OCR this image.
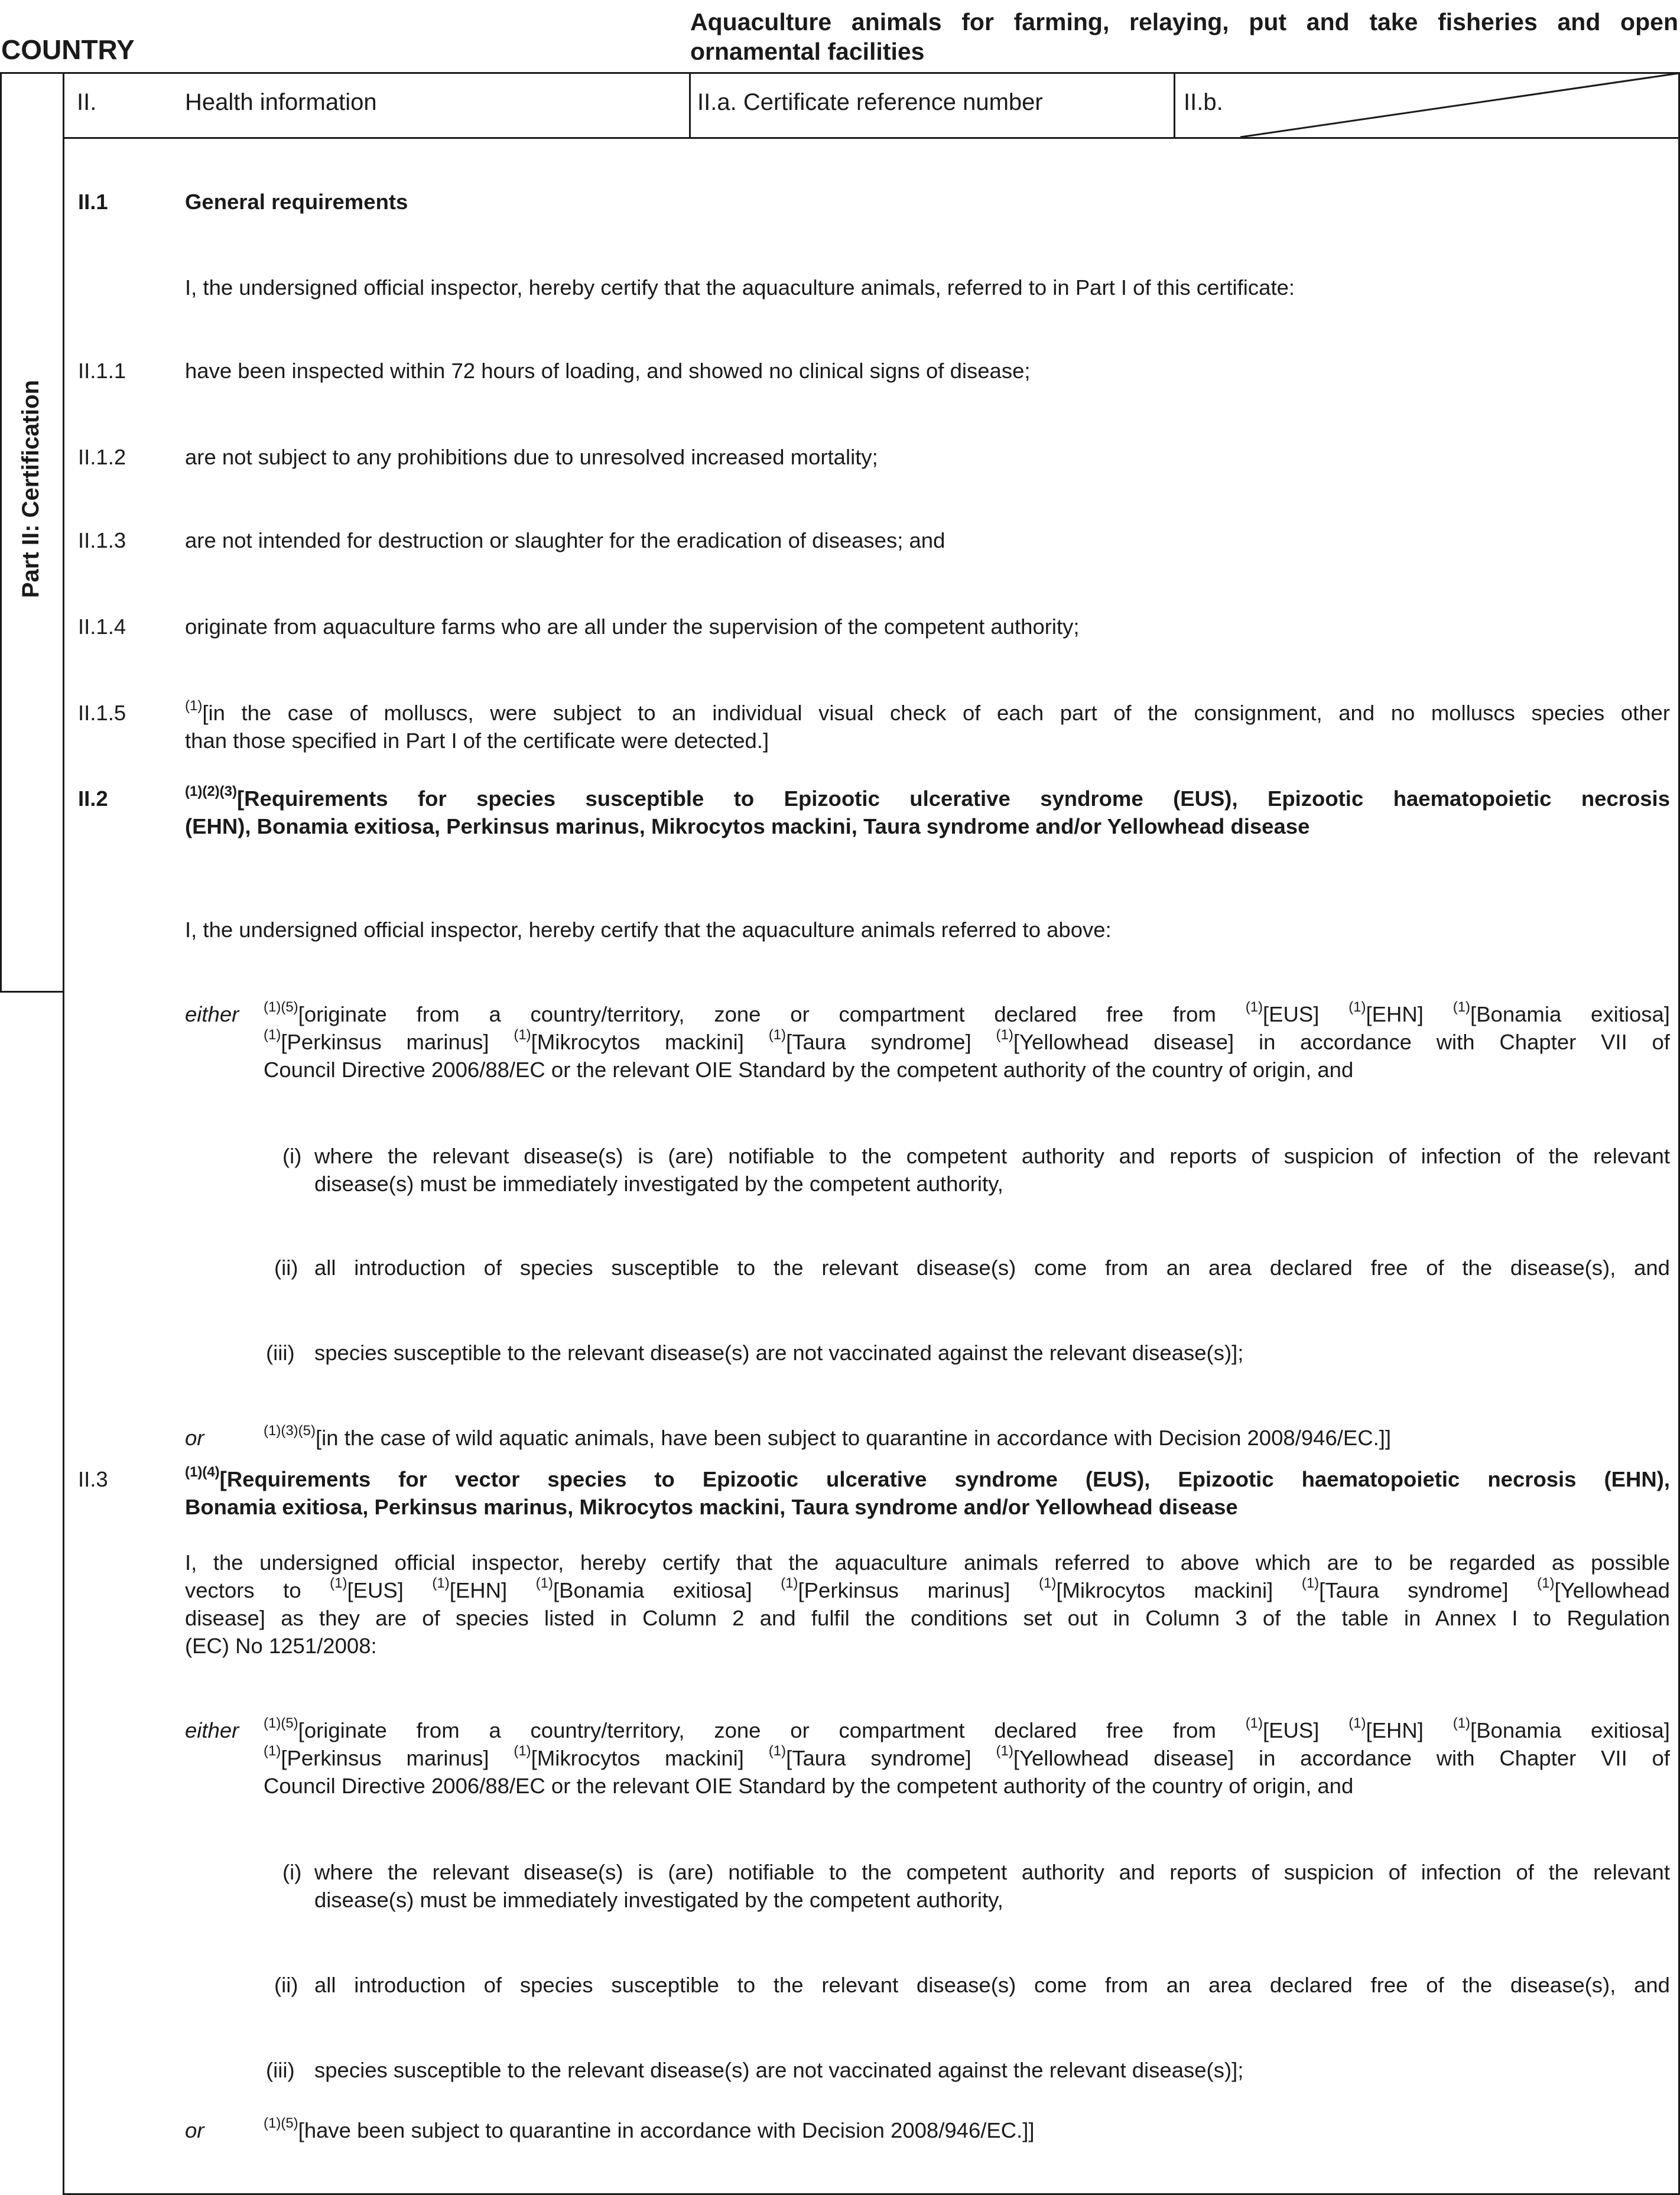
COUNTRY
Aquaculture animals for farming, relaying, put and take fisheries and open ornamental facilities
II.	Health information	II.a. Certificate reference number	II.b.
Part II: Certification
II.1	General requirements
I, the undersigned official inspector, hereby certify that the aquaculture animals, referred to in Part I of this certificate:
II.1.1	have been inspected within 72 hours of loading, and showed no clinical signs of disease;
II.1.2	are not subject to any prohibitions due to unresolved increased mortality;
II.1.3	are not intended for destruction or slaughter for the eradication of diseases; and
II.1.4	originate from aquaculture farms who are all under the supervision of the competent authority;
II.1.5	$^{(1)}$[in the case of molluscs, were subject to an individual visual check of each part of the consignment, and no molluscs species other
than those specified in Part I of the certificate were detected.]
II.2	$^{(1)(2)(3)}$[Requirements for species susceptible to Epizootic ulcerative syndrome (EUS), Epizootic haematopoietic necrosis
(EHN), Bonamia exitiosa, Perkinsus marinus, Mikrocytos mackini, Taura syndrome and/or Yellowhead disease
I, the undersigned official inspector, hereby certify that the aquaculture animals referred to above:
either $^{(1)(5)}$[originate from a country/territory, zone or compartment declared free from $^{(1)}$[EUS] $^{(1)}$[EHN] $^{(1)}$[Bonamia exitiosa]
$^{(1)}$[Perkinsus marinus] $^{(1)}$[Mikrocytos mackini] $^{(1)}$[Taura syndrome] $^{(1)}$[Yellowhead disease] in accordance with Chapter VII of
Council Directive 2006/88/EC or the relevant OIE Standard by the competent authority of the country of origin, and
(i) where the relevant disease(s) is (are) notifiable to the competent authority and reports of suspicion of infection of the relevant
disease(s) must be immediately investigated by the competent authority,
(ii) all introduction of species susceptible to the relevant disease(s) come from an area declared free of the disease(s), and
(iii) species susceptible to the relevant disease(s) are not vaccinated against the relevant disease(s)];
or	$^{(1)(3)(5)}$[in the case of wild aquatic animals, have been subject to quarantine in accordance with Decision 2008/946/EC.]]
II.3	$^{(1)(4)}$[Requirements for vector species to Epizootic ulcerative syndrome (EUS), Epizootic haematopoietic necrosis (EHN),
Bonamia exitiosa, Perkinsus marinus, Mikrocytos mackini, Taura syndrome and/or Yellowhead disease
I, the undersigned official inspector, hereby certify that the aquaculture animals referred to above which are to be regarded as possible
vectors to $^{(1)}$[EUS] $^{(1)}$[EHN] $^{(1)}$[Bonamia exitiosa] $^{(1)}$[Perkinsus marinus] $^{(1)}$[Mikrocytos mackini] $^{(1)}$[Taura syndrome] $^{(1)}$[Yellowhead
disease] as they are of species listed in Column 2 and fulfil the conditions set out in Column 3 of the table in Annex I to Regulation
(EC) No 1251/2008:
either $^{(1)(5)}$[originate from a country/territory, zone or compartment declared free from $^{(1)}$[EUS] $^{(1)}$[EHN] $^{(1)}$[Bonamia exitiosa]
$^{(1)}$[Perkinsus marinus] $^{(1)}$[Mikrocytos mackini] $^{(1)}$[Taura syndrome] $^{(1)}$[Yellowhead disease] in accordance with Chapter VII of
Council Directive 2006/88/EC or the relevant OIE Standard by the competent authority of the country of origin, and
(i) where the relevant disease(s) is (are) notifiable to the competent authority and reports of suspicion of infection of the relevant
disease(s) must be immediately investigated by the competent authority,
(ii) all introduction of species susceptible to the relevant disease(s) come from an area declared free of the disease(s), and
(iii) species susceptible to the relevant disease(s) are not vaccinated against the relevant disease(s)];
or	$^{(1)(5)}$[have been subject to quarantine in accordance with Decision 2008/946/EC.]]
